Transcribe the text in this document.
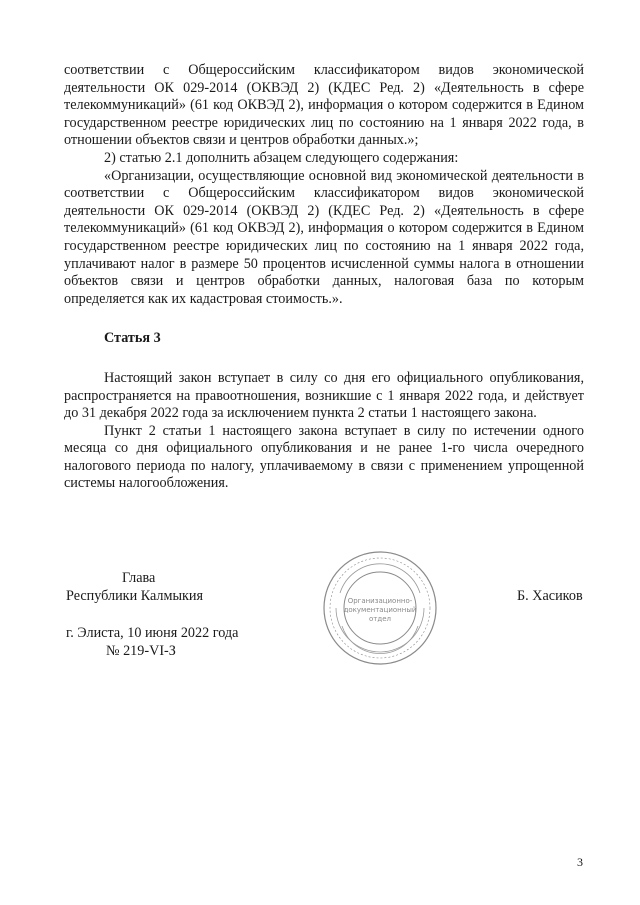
соответствии с Общероссийским классификатором видов экономической деятельности ОК 029-2014 (ОКВЭД 2) (КДЕС Ред. 2) «Деятельность в сфере телекоммуникаций» (61 код ОКВЭД 2), информация о котором содержится в Едином государственном реестре юридических лиц по состоянию на 1 января 2022 года, в отношении объектов связи и центров обработки данных.»;

2) статью 2.1 дополнить абзацем следующего содержания:

«Организации, осуществляющие основной вид экономической деятельности в соответствии с Общероссийским классификатором видов экономической деятельности ОК 029-2014 (ОКВЭД 2) (КДЕС Ред. 2) «Деятельность в сфере телекоммуникаций» (61 код ОКВЭД 2), информация о котором содержится в Едином государственном реестре юридических лиц по состоянию на 1 января 2022 года, уплачивают налог в размере 50 процентов исчисленной суммы налога в отношении объектов связи и центров обработки данных, налоговая база по которым определяется как их кадастровая стоимость.».

Статья 3

Настоящий закон вступает в силу со дня его официального опубликования, распространяется на правоотношения, возникшие с 1 января 2022 года, и действует до 31 декабря 2022 года за исключением пункта 2 статьи 1 настоящего закона.

Пункт 2 статьи 1 настоящего закона вступает в силу по истечении одного месяца со дня официального опубликования и не ранее 1-го числа очередного налогового периода по налогу, уплачиваемому в связи с применением упрощенной системы налогообложения.

Глава
Республики Калмыкия
г. Элиста, 10 июня 2022 года
№ 219-VI-З
Организационно-
документационный
отдел
Б. Хасиков
3
